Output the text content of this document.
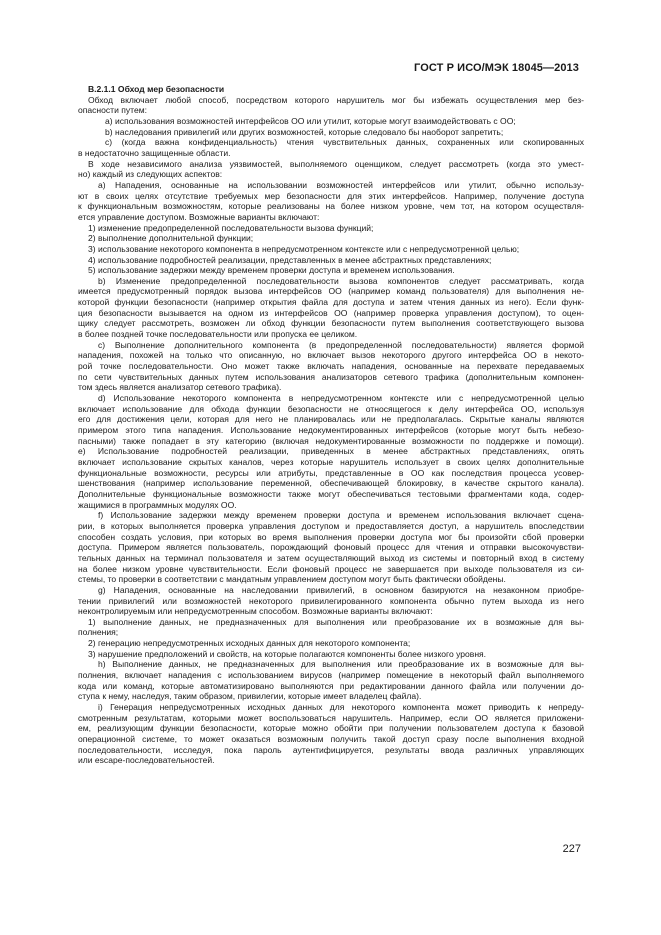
ГОСТ Р ИСО/МЭК 18045—2013

B.2.1.1 Обход мер безопасности

Обход включает любой способ, посредством которого нарушитель мог бы избежать осуществления мер без-

опасности путем:

a) использования возможностей интерфейсов ОО или утилит, которые могут взаимодействовать с ОО;

b) наследования привилегий или других возможностей, которые следовало бы наоборот запретить;

c) (когда важна конфиденциальность) чтения чувствительных данных, сохраненных или скопированных

в недостаточно защищенные области.

В ходе независимого анализа уязвимостей, выполняемого оценщиком, следует рассмотреть (когда это умест-

но) каждый из следующих аспектов:

a) Нападения, основанные на использовании возможностей интерфейсов или утилит, обычно использу-

ют в своих целях отсутствие требуемых мер безопасности для этих интерфейсов. Например, получение доступа

к функциональным возможностям, которые реализованы на более низком уровне, чем тот, на котором осуществля-

ется управление доступом. Возможные варианты включают:

1) изменение предопределенной последовательности вызова функций;

2) выполнение дополнительной функции;

3) использование некоторого компонента в непредусмотренном контексте или с непредусмотренной целью;

4) использование подробностей реализации, представленных в менее абстрактных представлениях;

5) использование задержки между временем проверки доступа и временем использования.

b) Изменение предопределенной последовательности вызова компонентов следует рассматривать, когда

имеется предусмотренный порядок вызова интерфейсов ОО (например команд пользователя) для выполнения не-

которой функции безопасности (например открытия файла для доступа и затем чтения данных из него). Если функ-

ция безопасности вызывается на одном из интерфейсов ОО (например проверка управления доступом), то оцен-

щику следует рассмотреть, возможен ли обход функции безопасности путем выполнения соответствующего вызова

в более поздней точке последовательности или пропуска ее целиком.

c) Выполнение дополнительного компонента (в предопределенной последовательности) является формой

нападения, похожей на только что описанную, но включает вызов некоторого другого интерфейса ОО в некото-

рой точке последовательности. Оно может также включать нападения, основанные на перехвате передаваемых

по сети чувствительных данных путем использования анализаторов сетевого трафика (дополнительным компонен-

том здесь является анализатор сетевого трафика).

d) Использование некоторого компонента в непредусмотренном контексте или с непредусмотренной целью

включает использование для обхода функции безопасности не относящегося к делу интерфейса ОО, используя

его для достижения цели, которая для него не планировалась или не предполагалась. Скрытые каналы являются

примером этого типа нападения. Использование недокументированных интерфейсов (которые могут быть небезо-

пасными) также попадает в эту категорию (включая недокументированные возможности по поддержке и помощи).

e) Использование подробностей реализации, приведенных в менее абстрактных представлениях, опять

включает использование скрытых каналов, через которые нарушитель использует в своих целях дополнительные

функциональные возможности, ресурсы или атрибуты, представленные в ОО как последствия процесса усовер-

шенствования (например использование переменной, обеспечивающей блокировку, в качестве скрытого канала).

Дополнительные функциональные возможности также могут обеспечиваться тестовыми фрагментами кода, содер-

жащимися в программных модулях ОО.

f) Использование задержки между временем проверки доступа и временем использования включает сцена-

рии, в которых выполняется проверка управления доступом и предоставляется доступ, а нарушитель впоследствии

способен создать условия, при которых во время выполнения проверки доступа мог бы произойти сбой проверки

доступа. Примером является пользователь, порождающий фоновый процесс для чтения и отправки высокочувстви-

тельных данных на терминал пользователя и затем осуществляющий выход из системы и повторный вход в систему

на более низком уровне чувствительности. Если фоновый процесс не завершается при выходе пользователя из си-

стемы, то проверки в соответствии с мандатным управлением доступом могут быть фактически обойдены.

g) Нападения, основанные на наследовании привилегий, в основном базируются на незаконном приобре-

тении привилегий или возможностей некоторого привилегированного компонента обычно путем выхода из него

неконтролируемым или непредусмотренным способом. Возможные варианты включают:

1) выполнение данных, не предназначенных для выполнения или преобразование их в возможные для вы-

полнения;

2) генерацию непредусмотренных исходных данных для некоторого компонента;

3) нарушение предположений и свойств, на которые полагаются компоненты более низкого уровня.

h) Выполнение данных, не предназначенных для выполнения или преобразование их в возможные для вы-

полнения, включает нападения с использованием вирусов (например помещение в некоторый файл выполняемого

кода или команд, которые автоматизировано выполняются при редактировании данного файла или получении до-

ступа к нему, наследуя, таким образом, привилегии, которые имеет владелец файла).

i) Генерация непредусмотренных исходных данных для некоторого компонента может приводить к непреду-

смотренным результатам, которыми может воспользоваться нарушитель. Например, если ОО является приложени-

ем, реализующим функции безопасности, которые можно обойти при получении пользователем доступа к базовой

операционной системе, то может оказаться возможным получить такой доступ сразу после выполнения входной

последовательности, исследуя, пока пароль аутентифицируется, результаты ввода различных управляющих

или escape-последовательностей.

227
